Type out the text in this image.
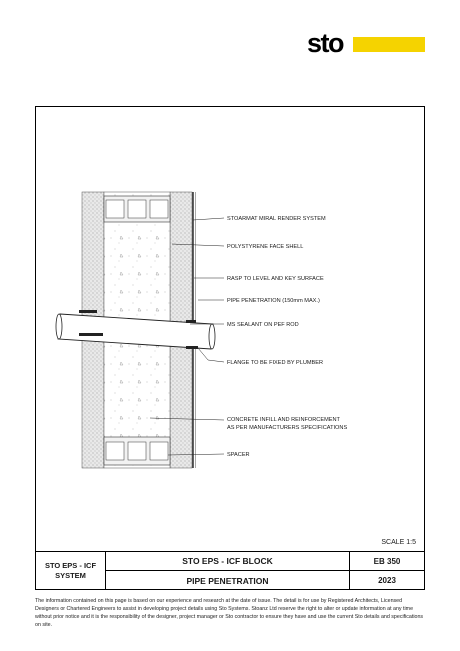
sto
STOARMAT MIRAL RENDER SYSTEM
POLYSTYRENE FACE SHELL
RASP TO LEVEL AND KEY SURFACE
PIPE PENETRATION (150mm MAX.)
MS SEALANT ON PEF ROD
FLANGE TO BE FIXED BY PLUMBER
CONCRETE INFILL AND REINFORCEMENT
AS PER MANUFACTURERS SPECIFICATIONS
SPACER
SCALE 1:5
STO EPS - ICF
SYSTEM
STO EPS - ICF BLOCK
PIPE PENETRATION
EB 350
2023
The information contained on this page is based on our experience and research at the date of issue. The detail is for use by Registered Architects, Licensed Designers or Chartered Engineers to assist in developing project details using Sto Systems. Stoanz Ltd reserve the right to alter or update information at any time without prior notice and it is the responsibility of the designer, project manager or Sto contractor to ensure they have and use the current Sto details and specifications on site.
